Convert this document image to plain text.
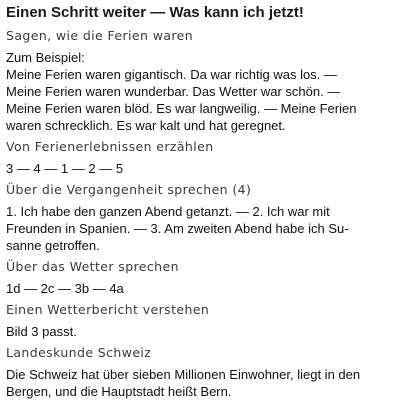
Einen Schritt weiter — Was kann ich jetzt!
Sagen, wie die Ferien waren
Zum Beispiel:
Meine Ferien waren gigantisch. Da war richtig was los. —
Meine Ferien waren wunderbar. Das Wetter war schön. —
Meine Ferien waren blöd. Es war langweilig. — Meine Ferien
waren schrecklich. Es war kalt und hat geregnet.
Von Ferienerlebnissen erzählen
3 — 4 — 1 — 2 — 5
Über die Vergangenheit sprechen (4)
1. Ich habe den ganzen Abend getanzt. — 2. Ich war mit
Freunden in Spanien. — 3. Am zweiten Abend habe ich Su-
sanne getroffen.
Über das Wetter sprechen
1d — 2c — 3b — 4a
Einen Wetterbericht verstehen
Bild 3 passt.
Landeskunde Schweiz
Die Schweiz hat über sieben Millionen Einwohner, liegt in den
Bergen, und die Hauptstadt heißt Bern.
